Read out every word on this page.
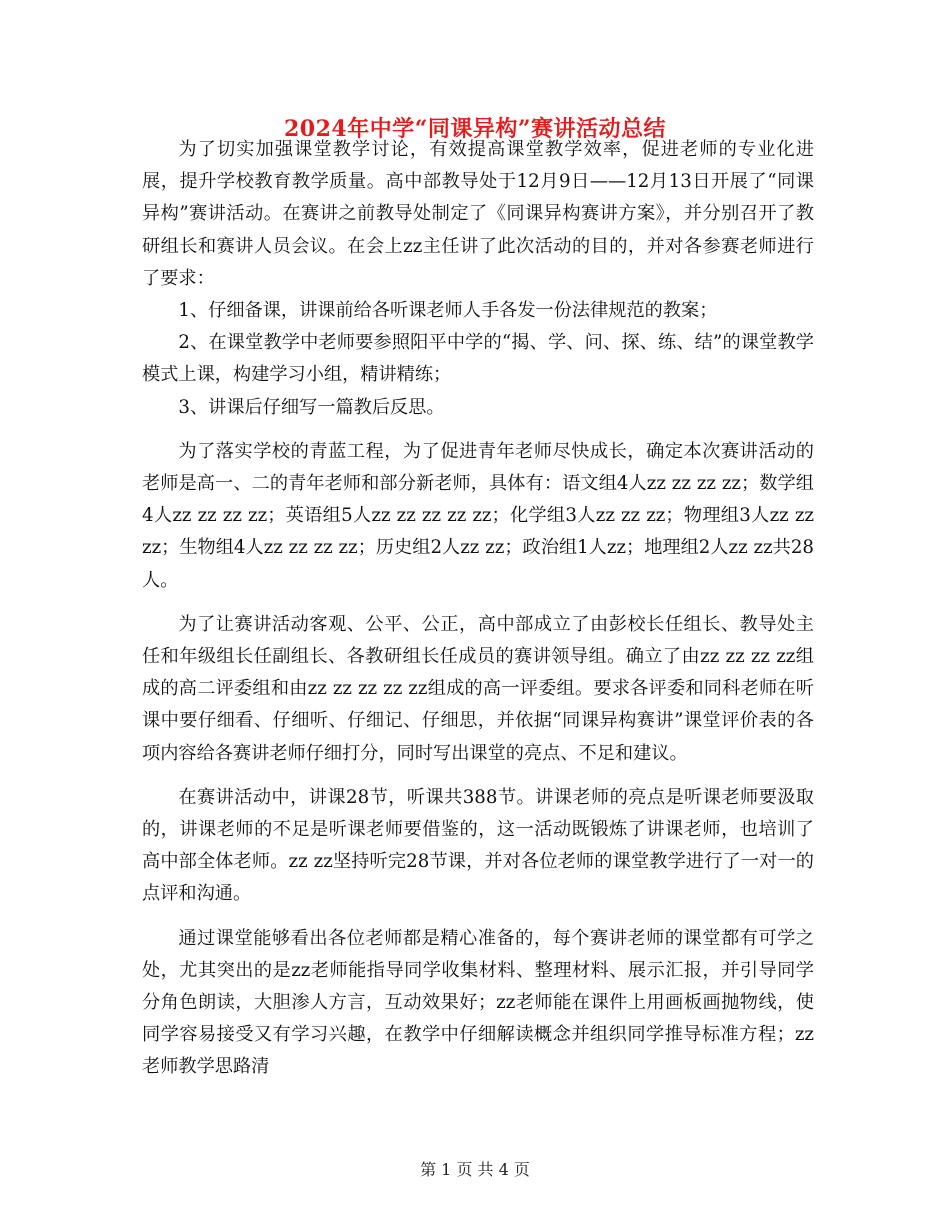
2024年中学“同课异构”赛讲活动总结

为了切实加强课堂教学讨论，有效提高课堂教学效率，促进老师的专业化进展，提升学校教育教学质量。高中部教导处于12月9日——12月13日开展了“同课异构”赛讲活动。在赛讲之前教导处制定了《同课异构赛讲方案》，并分别召开了教研组长和赛讲人员会议。在会上zz主任讲了此次活动的目的，并对各参赛老师进行了要求：

1、仔细备课，讲课前给各听课老师人手各发一份法律规范的教案；

2、在课堂教学中老师要参照阳平中学的“揭、学、问、探、练、结”的课堂教学模式上课，构建学习小组，精讲精练；

3、讲课后仔细写一篇教后反思。

为了落实学校的青蓝工程，为了促进青年老师尽快成长，确定本次赛讲活动的老师是高一、二的青年老师和部分新老师，具体有：语文组4人zz zz zz zz；数学组4人zz zz zz zz；英语组5人zz zz zz zz zz；化学组3人zz zz zz；物理组3人zz zz zz；生物组4人zz zz zz zz；历史组2人zz zz；政治组1人zz；地理组2人zz zz共28人。

为了让赛讲活动客观、公平、公正，高中部成立了由彭校长任组长、教导处主任和年级组长任副组长、各教研组长任成员的赛讲领导组。确立了由zz zz zz zz组成的高二评委组和由zz zz zz zz zz组成的高一评委组。要求各评委和同科老师在听课中要仔细看、仔细听、仔细记、仔细思，并依据“同课异构赛讲”课堂评价表的各项内容给各赛讲老师仔细打分，同时写出课堂的亮点、不足和建议。

在赛讲活动中，讲课28节，听课共388节。讲课老师的亮点是听课老师要汲取的，讲课老师的不足是听课老师要借鉴的，这一活动既锻炼了讲课老师，也培训了高中部全体老师。zz zz坚持听完28节课，并对各位老师的课堂教学进行了一对一的点评和沟通。

通过课堂能够看出各位老师都是精心准备的，每个赛讲老师的课堂都有可学之处，尤其突出的是zz老师能指导同学收集材料、整理材料、展示汇报，并引导同学分角色朗读，大胆渗人方言，互动效果好；zz老师能在课件上用画板画抛物线，使同学容易接受又有学习兴趣，在教学中仔细解读概念并组织同学推导标准方程；zz老师教学思路清

第 1 页 共 4 页
